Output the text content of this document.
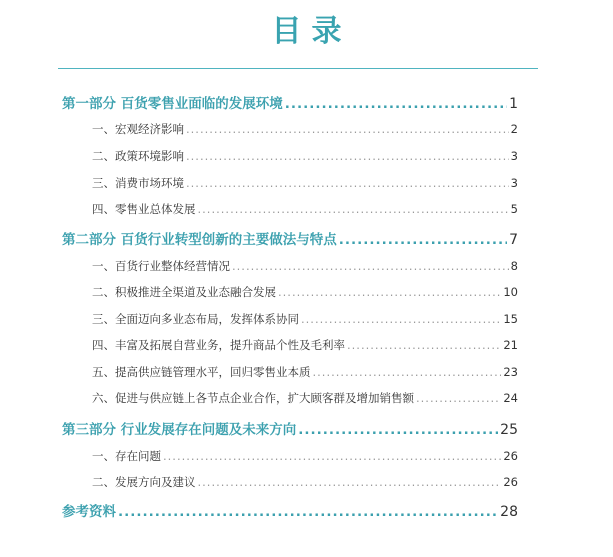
目录
第一部分 百货零售业面临的发展环境 .....	1
一、宏观经济影响 .....	2
二、政策环境影响 .....	3
三、消费市场环境 .....	3
四、零售业总体发展 .....	5
第二部分 百货行业转型创新的主要做法与特点 .....	7
一、百货行业整体经营情况 .....	8
二、积极推进全渠道及业态融合发展 .....	10
三、全面迈向多业态布局，发挥体系协同 .....	15
四、丰富及拓展自营业务，提升商品个性及毛利率 .....	21
五、提高供应链管理水平，回归零售业本质 .....	23
六、促进与供应链上各节点企业合作，扩大顾客群及增加销售额 .....	24
第三部分 行业发展存在问题及未来方向 .....	25
一、存在问题 .....	26
二、发展方向及建议 .....	26
参考资料 .....	28
